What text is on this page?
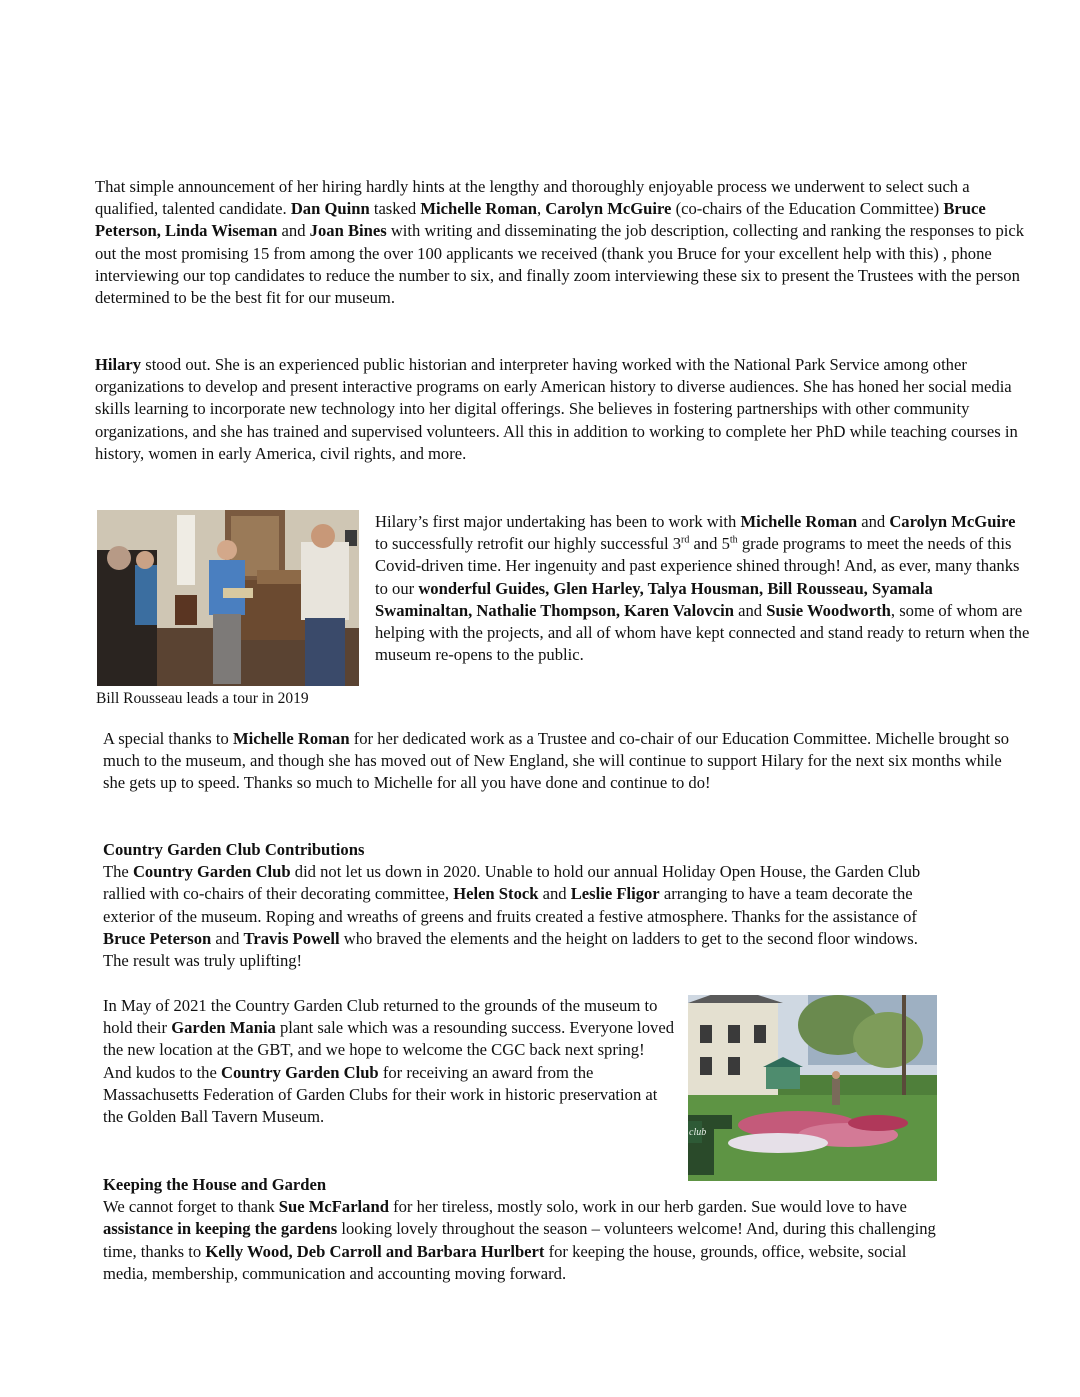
That simple announcement of her hiring hardly hints at the lengthy and thoroughly enjoyable process we underwent to select such a qualified, talented candidate. Dan Quinn tasked Michelle Roman, Carolyn McGuire (co-chairs of the Education Committee) Bruce Peterson, Linda Wiseman and Joan Bines with writing and disseminating the job description, collecting and ranking the responses to pick out the most promising 15 from among the over 100 applicants we received (thank you Bruce for your excellent help with this) , phone interviewing our top candidates to reduce the number to six, and finally zoom interviewing these six to present the Trustees with the person determined to be the best fit for our museum.

Hilary stood out. She is an experienced public historian and interpreter having worked with the National Park Service among other organizations to develop and present interactive programs on early American history to diverse audiences. She has honed her social media skills learning to incorporate new technology into her digital offerings. She believes in fostering partnerships with other community organizations, and she has trained and supervised volunteers. All this in addition to working to complete her PhD while teaching courses in history, women in early America, civil rights, and more.

Bill Rousseau leads a tour in 2019

Hilary’s first major undertaking has been to work with Michelle Roman and Carolyn McGuire to successfully retrofit our highly successful 3rd and 5th grade programs to meet the needs of this Covid-driven time. Her ingenuity and past experience shined through! And, as ever, many thanks to our wonderful Guides, Glen Harley, Talya Housman, Bill Rousseau, Syamala Swaminaltan, Nathalie Thompson, Karen Valovcin and Susie Woodworth, some of whom are helping with the projects, and all of whom have kept connected and stand ready to return when the museum re-opens to the public.

A special thanks to Michelle Roman for her dedicated work as a Trustee and co-chair of our Education Committee. Michelle brought so much to the museum, and though she has moved out of New England, she will continue to support Hilary for the next six months while she gets up to speed. Thanks so much to Michelle for all you have done and continue to do!

Country Garden Club Contributions
The Country Garden Club did not let us down in 2020. Unable to hold our annual Holiday Open House, the Garden Club rallied with co-chairs of their decorating committee, Helen Stock and Leslie Fligor arranging to have a team decorate the exterior of the museum. Roping and wreaths of greens and fruits created a festive atmosphere. Thanks for the assistance of Bruce Peterson and Travis Powell who braved the elements and the height on ladders to get to the second floor windows. The result was truly uplifting!

In May of 2021 the Country Garden Club returned to the grounds of the museum to hold their Garden Mania plant sale which was a resounding success. Everyone loved the new location at the GBT, and we hope to welcome the CGC back next spring! And kudos to the Country Garden Club for receiving an award from the Massachusetts Federation of Garden Clubs for their work in historic preservation at the Golden Ball Tavern Museum.

club

Keeping the House and Garden
We cannot forget to thank Sue McFarland for her tireless, mostly solo, work in our herb garden. Sue would love to have assistance in keeping the gardens looking lovely throughout the season – volunteers welcome! And, during this challenging time, thanks to Kelly Wood, Deb Carroll and Barbara Hurlbert for keeping the house, grounds, office, website, social media, membership, communication and accounting moving forward.
